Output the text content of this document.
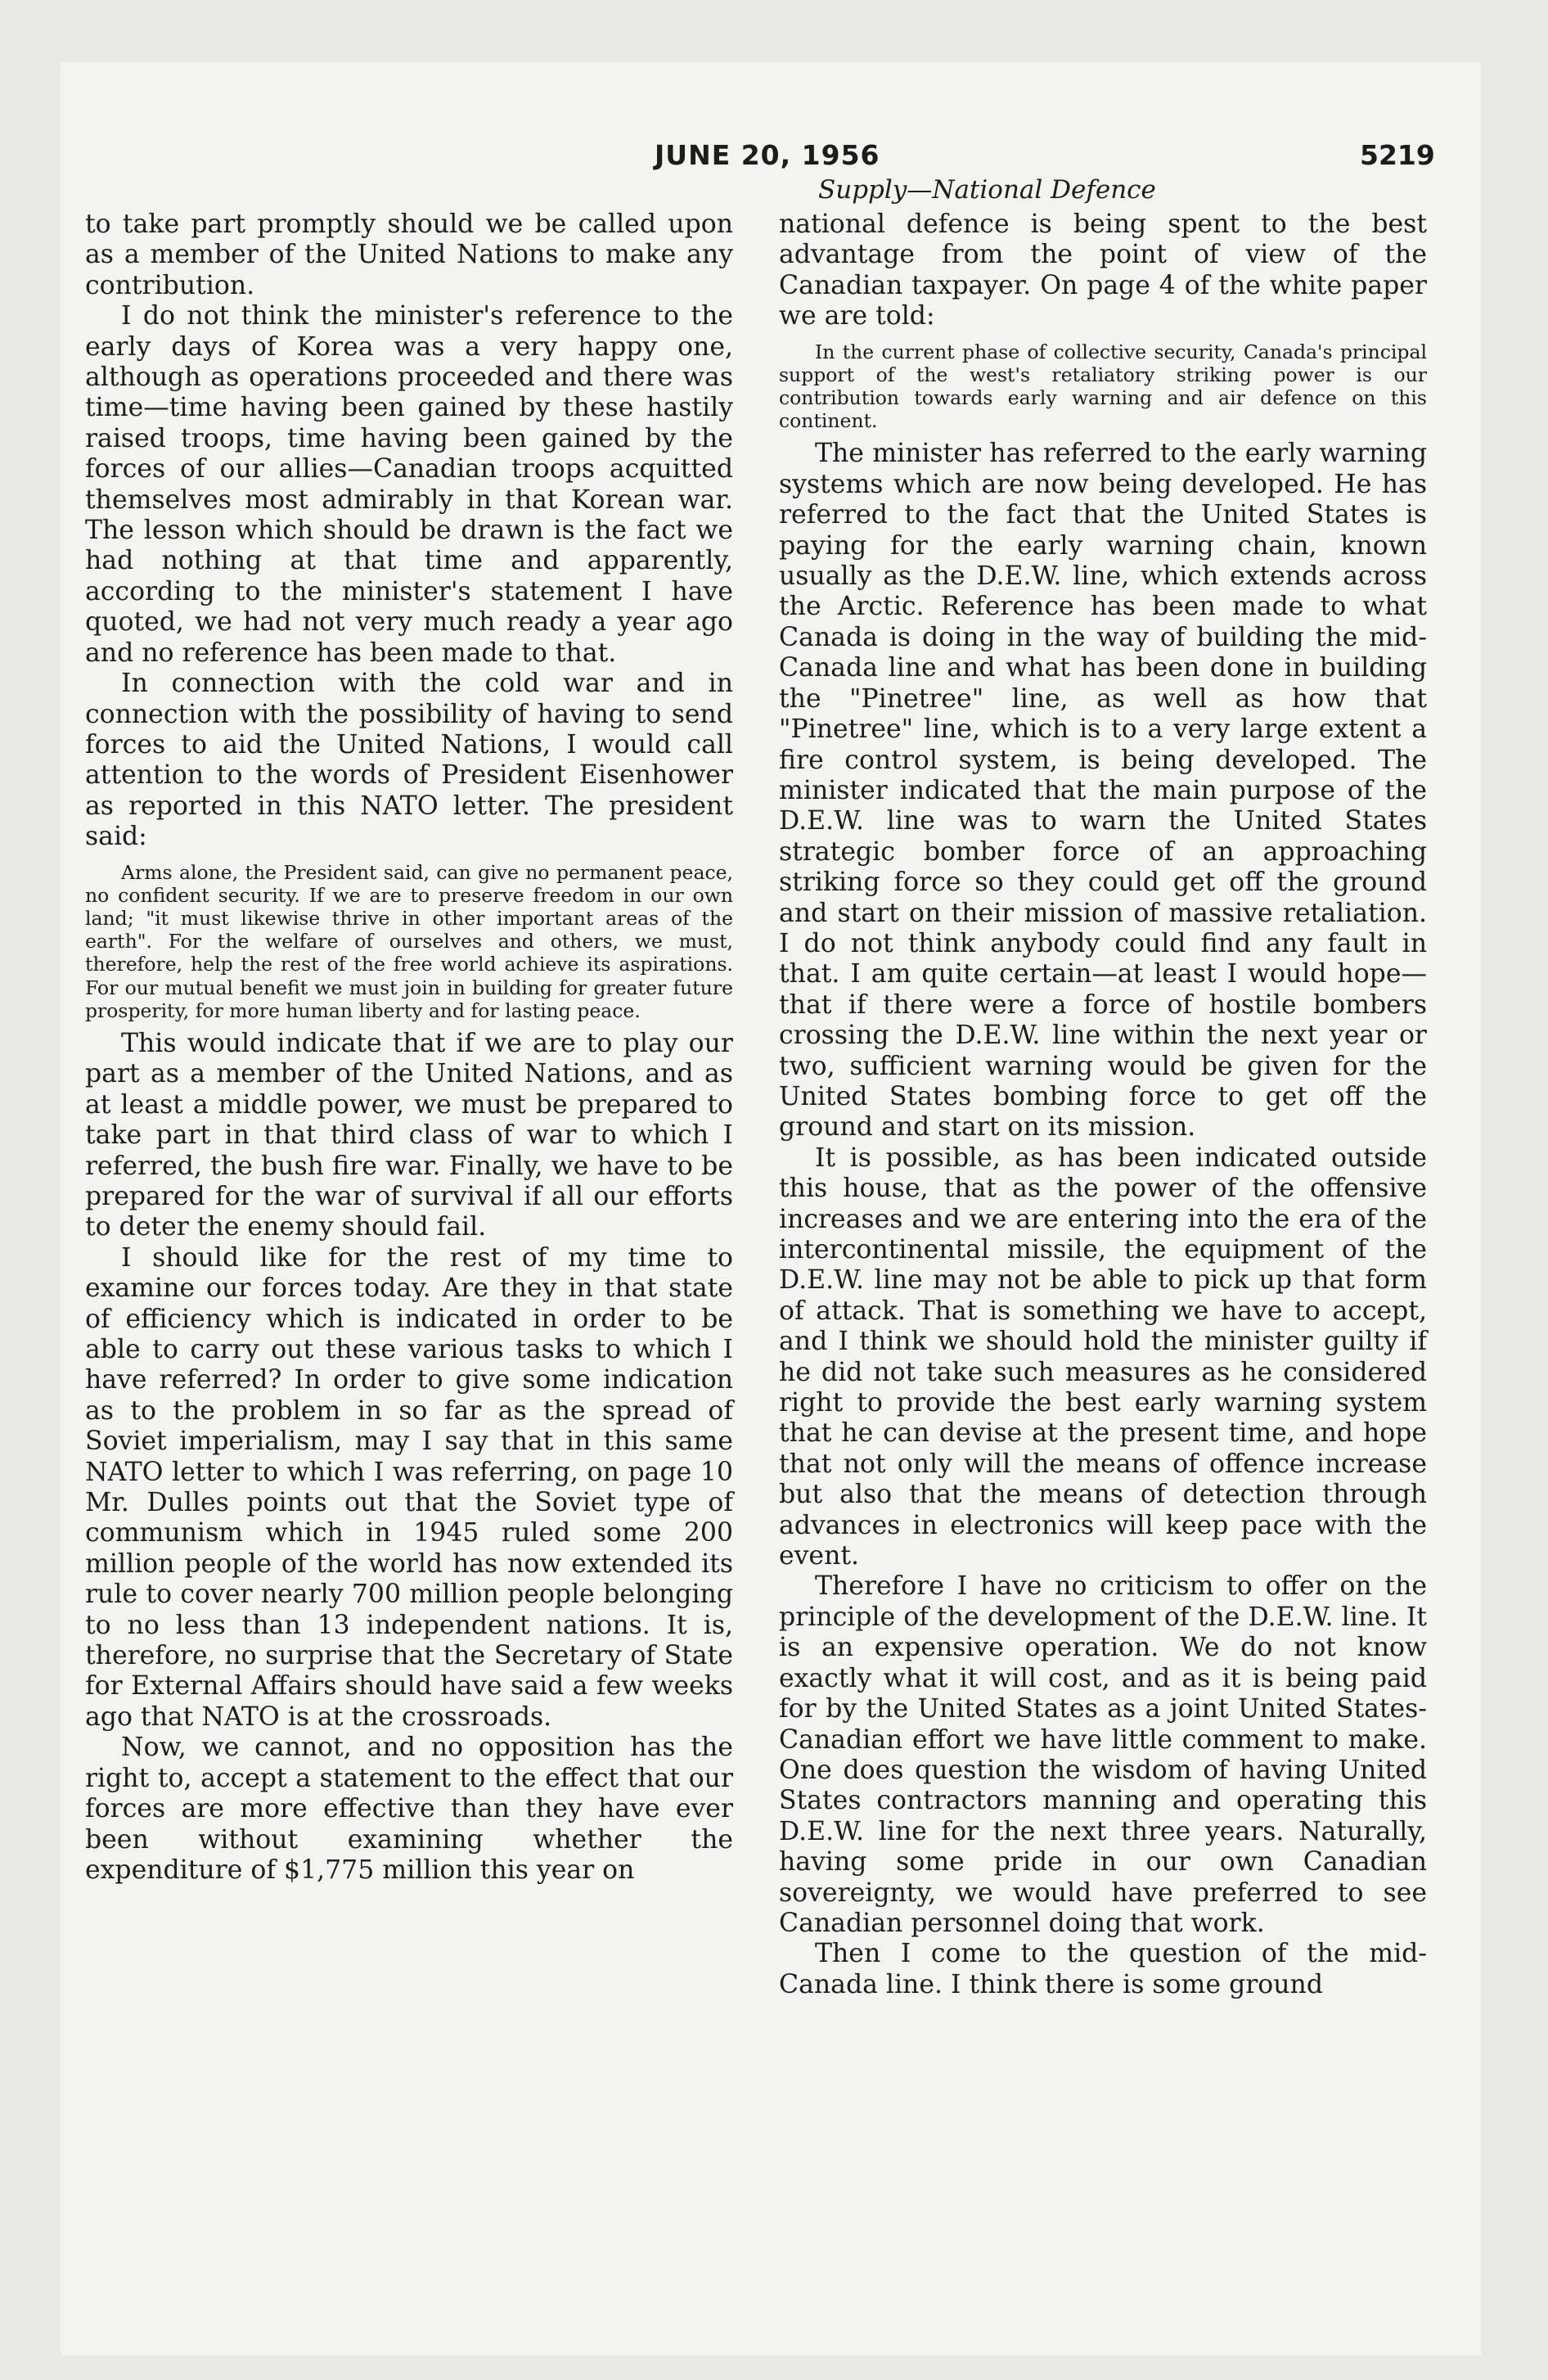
JUNE 20, 1956	5219
Supply—National Defence

to take part promptly should we be called upon as a member of the United Nations to make any contribution.

I do not think the minister's reference to the early days of Korea was a very happy one, although as operations proceeded and there was time—time having been gained by these hastily raised troops, time having been gained by the forces of our allies—Canadian troops acquitted themselves most admirably in that Korean war. The lesson which should be drawn is the fact we had nothing at that time and apparently, according to the minister's statement I have quoted, we had not very much ready a year ago and no reference has been made to that.

In connection with the cold war and in connection with the possibility of having to send forces to aid the United Nations, I would call attention to the words of President Eisenhower as reported in this NATO letter. The president said:

Arms alone, the President said, can give no permanent peace, no confident security. If we are to preserve freedom in our own land; "it must likewise thrive in other important areas of the earth". For the welfare of ourselves and others, we must, therefore, help the rest of the free world achieve its aspirations. For our mutual benefit we must join in building for greater future prosperity, for more human liberty and for lasting peace.

This would indicate that if we are to play our part as a member of the United Nations, and as at least a middle power, we must be prepared to take part in that third class of war to which I referred, the bush fire war. Finally, we have to be prepared for the war of survival if all our efforts to deter the enemy should fail.

I should like for the rest of my time to examine our forces today. Are they in that state of efficiency which is indicated in order to be able to carry out these various tasks to which I have referred? In order to give some indication as to the problem in so far as the spread of Soviet imperialism, may I say that in this same NATO letter to which I was referring, on page 10 Mr. Dulles points out that the Soviet type of communism which in 1945 ruled some 200 million people of the world has now extended its rule to cover nearly 700 million people belonging to no less than 13 independent nations. It is, therefore, no surprise that the Secretary of State for External Affairs should have said a few weeks ago that NATO is at the crossroads.

Now, we cannot, and no opposition has the right to, accept a statement to the effect that our forces are more effective than they have ever been without examining whether the expenditure of $1,775 million this year on

national defence is being spent to the best advantage from the point of view of the Canadian taxpayer. On page 4 of the white paper we are told:

In the current phase of collective security, Canada's principal support of the west's retaliatory striking power is our contribution towards early warning and air defence on this continent.

The minister has referred to the early warning systems which are now being developed. He has referred to the fact that the United States is paying for the early warning chain, known usually as the D.E.W. line, which extends across the Arctic. Reference has been made to what Canada is doing in the way of building the mid-Canada line and what has been done in building the "Pinetree" line, as well as how that "Pinetree" line, which is to a very large extent a fire control system, is being developed. The minister indicated that the main purpose of the D.E.W. line was to warn the United States strategic bomber force of an approaching striking force so they could get off the ground and start on their mission of massive retaliation. I do not think anybody could find any fault in that. I am quite certain—at least I would hope—that if there were a force of hostile bombers crossing the D.E.W. line within the next year or two, sufficient warning would be given for the United States bombing force to get off the ground and start on its mission.

It is possible, as has been indicated outside this house, that as the power of the offensive increases and we are entering into the era of the intercontinental missile, the equipment of the D.E.W. line may not be able to pick up that form of attack. That is something we have to accept, and I think we should hold the minister guilty if he did not take such measures as he considered right to provide the best early warning system that he can devise at the present time, and hope that not only will the means of offence increase but also that the means of detection through advances in electronics will keep pace with the event.

Therefore I have no criticism to offer on the principle of the development of the D.E.W. line. It is an expensive operation. We do not know exactly what it will cost, and as it is being paid for by the United States as a joint United States-Canadian effort we have little comment to make. One does question the wisdom of having United States contractors manning and operating this D.E.W. line for the next three years. Naturally, having some pride in our own Canadian sovereignty, we would have preferred to see Canadian personnel doing that work.

Then I come to the question of the mid-Canada line. I think there is some ground
